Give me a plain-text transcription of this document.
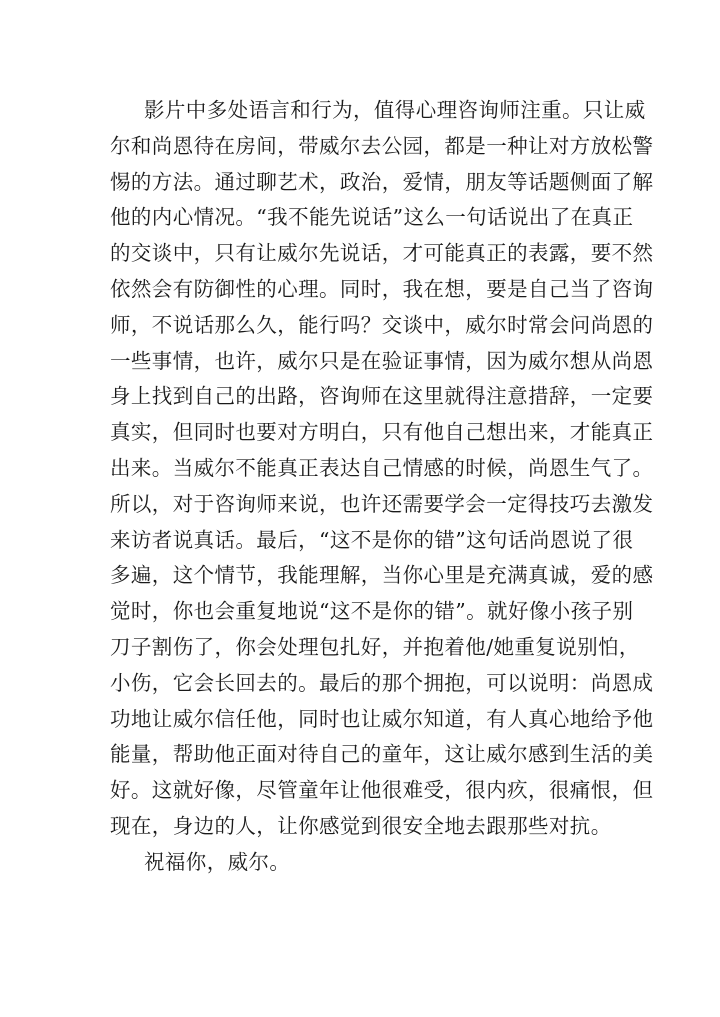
影片中多处语言和行为，值得心理咨询师注重。只让威
尔和尚恩待在房间，带威尔去公园，都是一种让对方放松警
惕的方法。通过聊艺术，政治，爱情，朋友等话题侧面了解
他的内心情况。“我不能先说话”这么一句话说出了在真正
的交谈中，只有让威尔先说话，才可能真正的表露，要不然
依然会有防御性的心理。同时，我在想，要是自己当了咨询
师，不说话那么久，能行吗？交谈中，威尔时常会问尚恩的
一些事情，也许，威尔只是在验证事情，因为威尔想从尚恩
身上找到自己的出路，咨询师在这里就得注意措辞，一定要
真实，但同时也要对方明白，只有他自己想出来，才能真正
出来。当威尔不能真正表达自己情感的时候，尚恩生气了。
所以，对于咨询师来说，也许还需要学会一定得技巧去激发
来访者说真话。最后，“这不是你的错”这句话尚恩说了很
多遍，这个情节，我能理解，当你心里是充满真诚，爱的感
觉时，你也会重复地说“这不是你的错”。就好像小孩子别
刀子割伤了，你会处理包扎好，并抱着他/她重复说别怕，
小伤，它会长回去的。最后的那个拥抱，可以说明：尚恩成
功地让威尔信任他，同时也让威尔知道，有人真心地给予他
能量，帮助他正面对待自己的童年，这让威尔感到生活的美
好。这就好像，尽管童年让他很难受，很内疚，很痛恨，但
现在，身边的人，让你感觉到很安全地去跟那些对抗。
祝福你，威尔。
